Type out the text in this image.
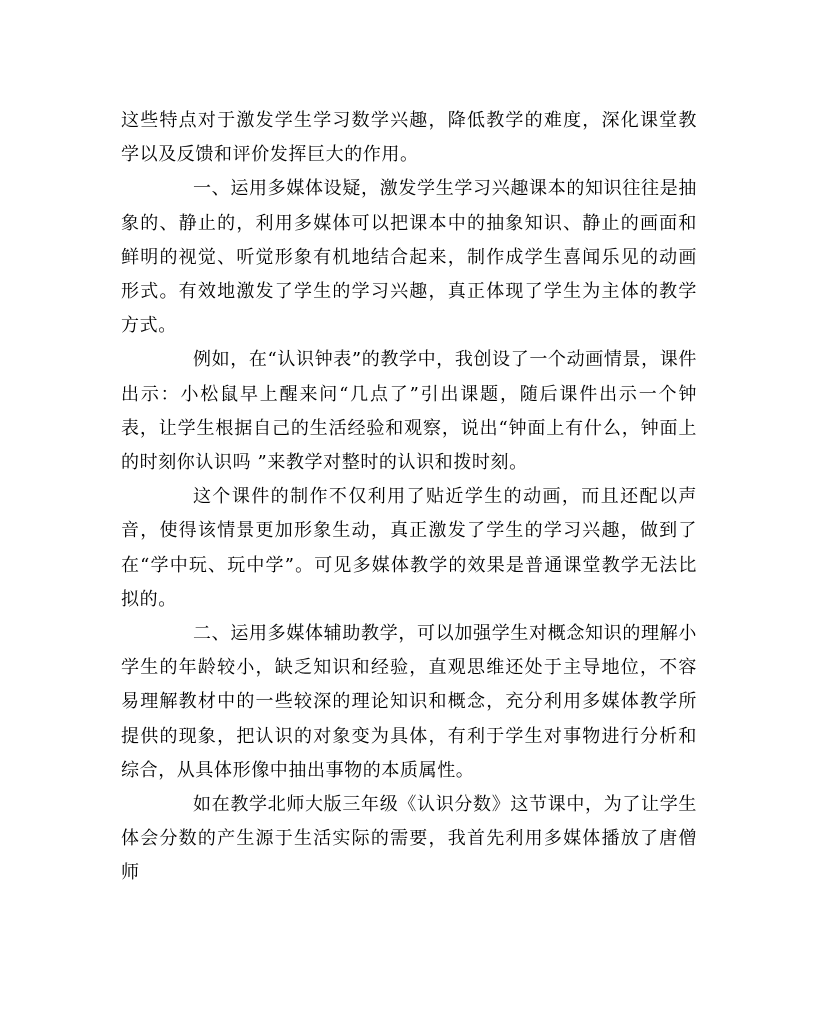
这些特点对于激发学生学习数学兴趣，降低教学的难度，深化课堂教学以及反馈和评价发挥巨大的作用。

一、运用多媒体设疑，激发学生学习兴趣课本的知识往往是抽象的、静止的，利用多媒体可以把课本中的抽象知识、静止的画面和鲜明的视觉、听觉形象有机地结合起来，制作成学生喜闻乐见的动画形式。有效地激发了学生的学习兴趣，真正体现了学生为主体的教学方式。

例如，在“认识钟表”的教学中，我创设了一个动画情景，课件出示：小松鼠早上醒来问“几点了”引出课题，随后课件出示一个钟表，让学生根据自己的生活经验和观察，说出“钟面上有什么，钟面上的时刻你认识吗 ”来教学对整时的认识和拨时刻。

这个课件的制作不仅利用了贴近学生的动画，而且还配以声音，使得该情景更加形象生动，真正激发了学生的学习兴趣，做到了在“学中玩、玩中学”。可见多媒体教学的效果是普通课堂教学无法比拟的。

二、运用多媒体辅助教学，可以加强学生对概念知识的理解小学生的年龄较小，缺乏知识和经验，直观思维还处于主导地位，不容易理解教材中的一些较深的理论知识和概念，充分利用多媒体教学所提供的现象，把认识的对象变为具体，有利于学生对事物进行分析和综合，从具体形像中抽出事物的本质属性。

如在教学北师大版三年级《认识分数》这节课中，为了让学生体会分数的产生源于生活实际的需要，我首先利用多媒体播放了唐僧师
